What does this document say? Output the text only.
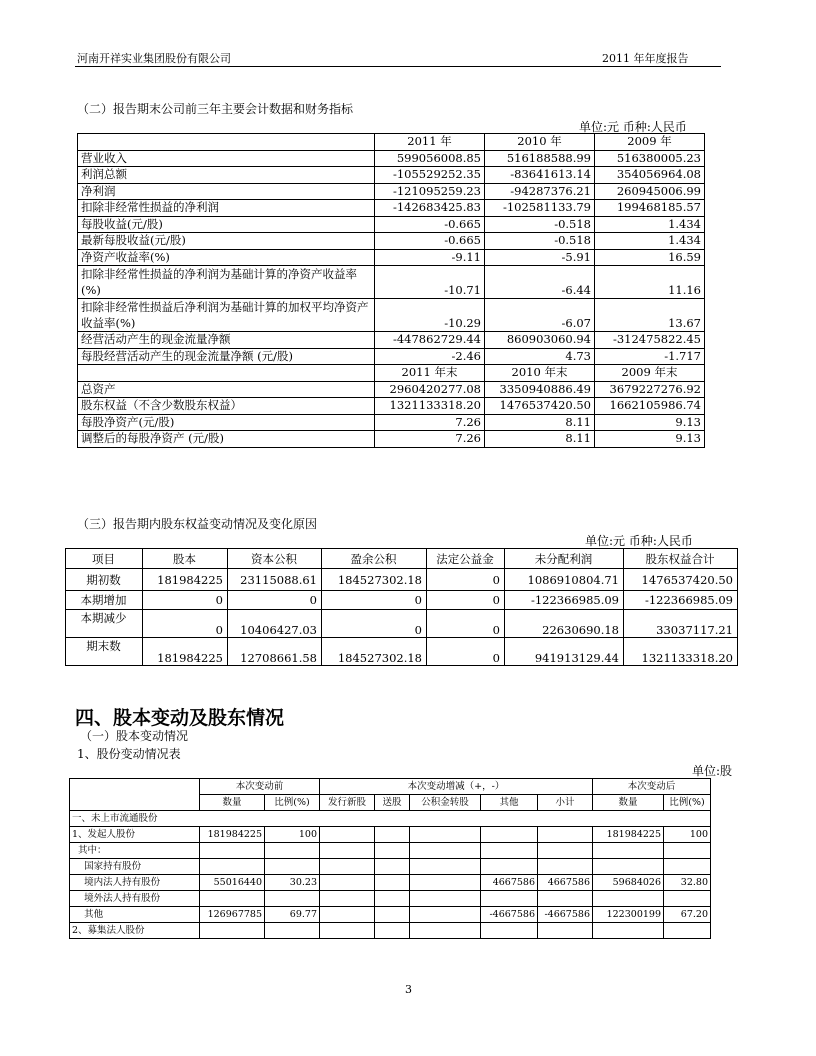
河南开祥实业集团股份有限公司	2011 年年度报告
（二）报告期末公司前三年主要会计数据和财务指标
单位:元 币种:人民币
	2011 年	2010 年	2009 年
营业收入	599056008.85	516188588.99	516380005.23
利润总额	-105529252.35	-83641613.14	354056964.08
净利润	-121095259.23	-94287376.21	260945006.99
扣除非经常性损益的净利润	-142683425.83	-102581133.79	199468185.57
每股收益(元/股)	-0.665	-0.518	1.434
最新每股收益(元/股)	-0.665	-0.518	1.434
净资产收益率(%)	-9.11	-5.91	16.59
扣除非经常性损益的净利润为基础计算的净资产收益率(%)	-10.71	-6.44	11.16
扣除非经常性损益后净利润为基础计算的加权平均净资产收益率(%)	-10.29	-6.07	13.67
经营活动产生的现金流量净额	-447862729.44	860903060.94	-312475822.45
每股经营活动产生的现金流量净额 (元/股)	-2.46	4.73	-1.717
	2011 年末	2010 年末	2009 年末
总资产	2960420277.08	3350940886.49	3679227276.92
股东权益（不含少数股东权益）	1321133318.20	1476537420.50	1662105986.74
每股净资产(元/股)	7.26	8.11	9.13
调整后的每股净资产 (元/股)	7.26	8.11	9.13
（三）报告期内股东权益变动情况及变化原因
单位:元 币种:人民币
项目	股本	资本公积	盈余公积	法定公益金	未分配利润	股东权益合计
期初数	181984225	23115088.61	184527302.18	0	1086910804.71	1476537420.50
本期增加	0	0	0	0	-122366985.09	-122366985.09
本期减少	0	10406427.03	0	0	22630690.18	33037117.21
期末数	181984225	12708661.58	184527302.18	0	941913129.44	1321133318.20
四、股本变动及股东情况
（一）股本变动情况
1、股份变动情况表
单位:股
	本次变动前		本次变动增减（+，-）					本次变动后	
	数量	比例(%)	发行新股	送股	公积金转股	其他	小计	数量	比例(%)
一、未上市流通股份									
1、发起人股份	181984225	100						181984225	100
其中：									
国家持有股份									
境内法人持有股份	55016440	30.23				4667586	4667586	59684026	32.80
境外法人持有股份									
其他	126967785	69.77				-4667586	-4667586	122300199	67.20
2、募集法人股份									
3
